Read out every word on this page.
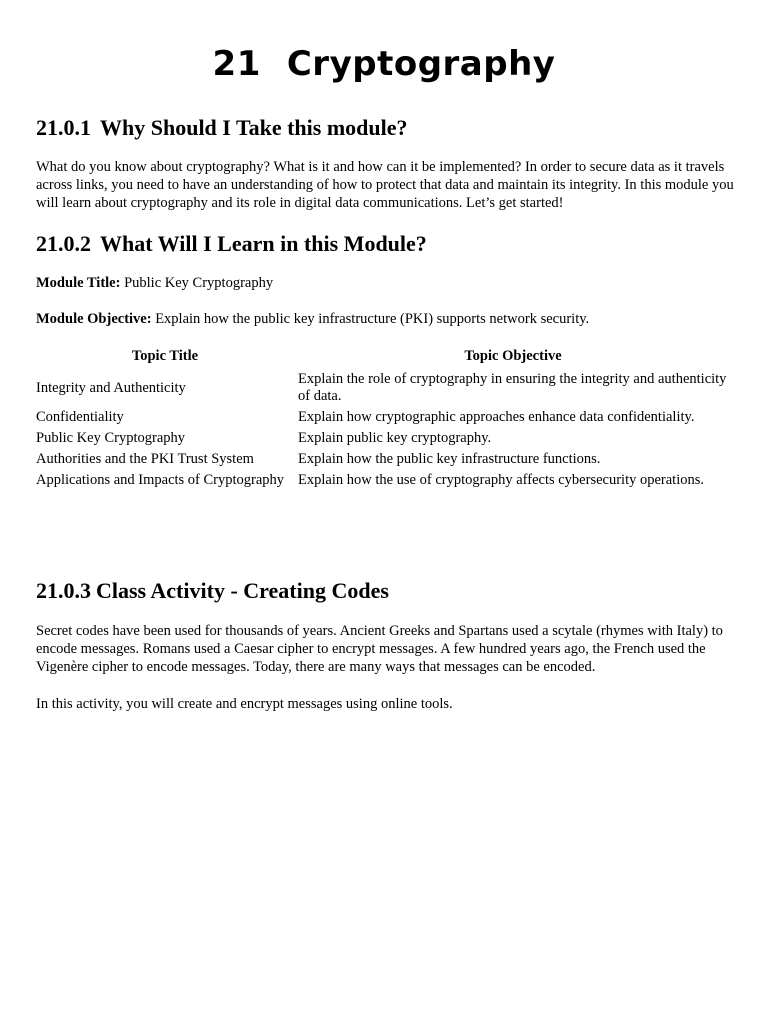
21 Cryptography
21.0.1 Why Should I Take this module?

What do you know about cryptography? What is it and how can it be implemented? In order to secure data as it travels across links, you need to have an understanding of how to protect that data and maintain its integrity. In this module you will learn about cryptography and its role in digital data communications. Let’s get started!

21.0.2 What Will I Learn in this Module?

Module Title: Public Key Cryptography

Module Objective: Explain how the public key infrastructure (PKI) supports network security.

Topic Title	Topic Objective
Integrity and Authenticity	Explain the role of cryptography in ensuring the integrity and authenticity of data.
Confidentiality	Explain how cryptographic approaches enhance data confidentiality.
Public Key Cryptography	Explain public key cryptography.
Authorities and the PKI Trust System	Explain how the public key infrastructure functions.
Applications and Impacts of Cryptography	Explain how the use of cryptography affects cybersecurity operations.
21.0.3 Class Activity - Creating Codes

Secret codes have been used for thousands of years. Ancient Greeks and Spartans used a scytale (rhymes with Italy) to encode messages. Romans used a Caesar cipher to encrypt messages. A few hundred years ago, the French used the Vigenère cipher to encode messages. Today, there are many ways that messages can be encoded.

In this activity, you will create and encrypt messages using online tools.
